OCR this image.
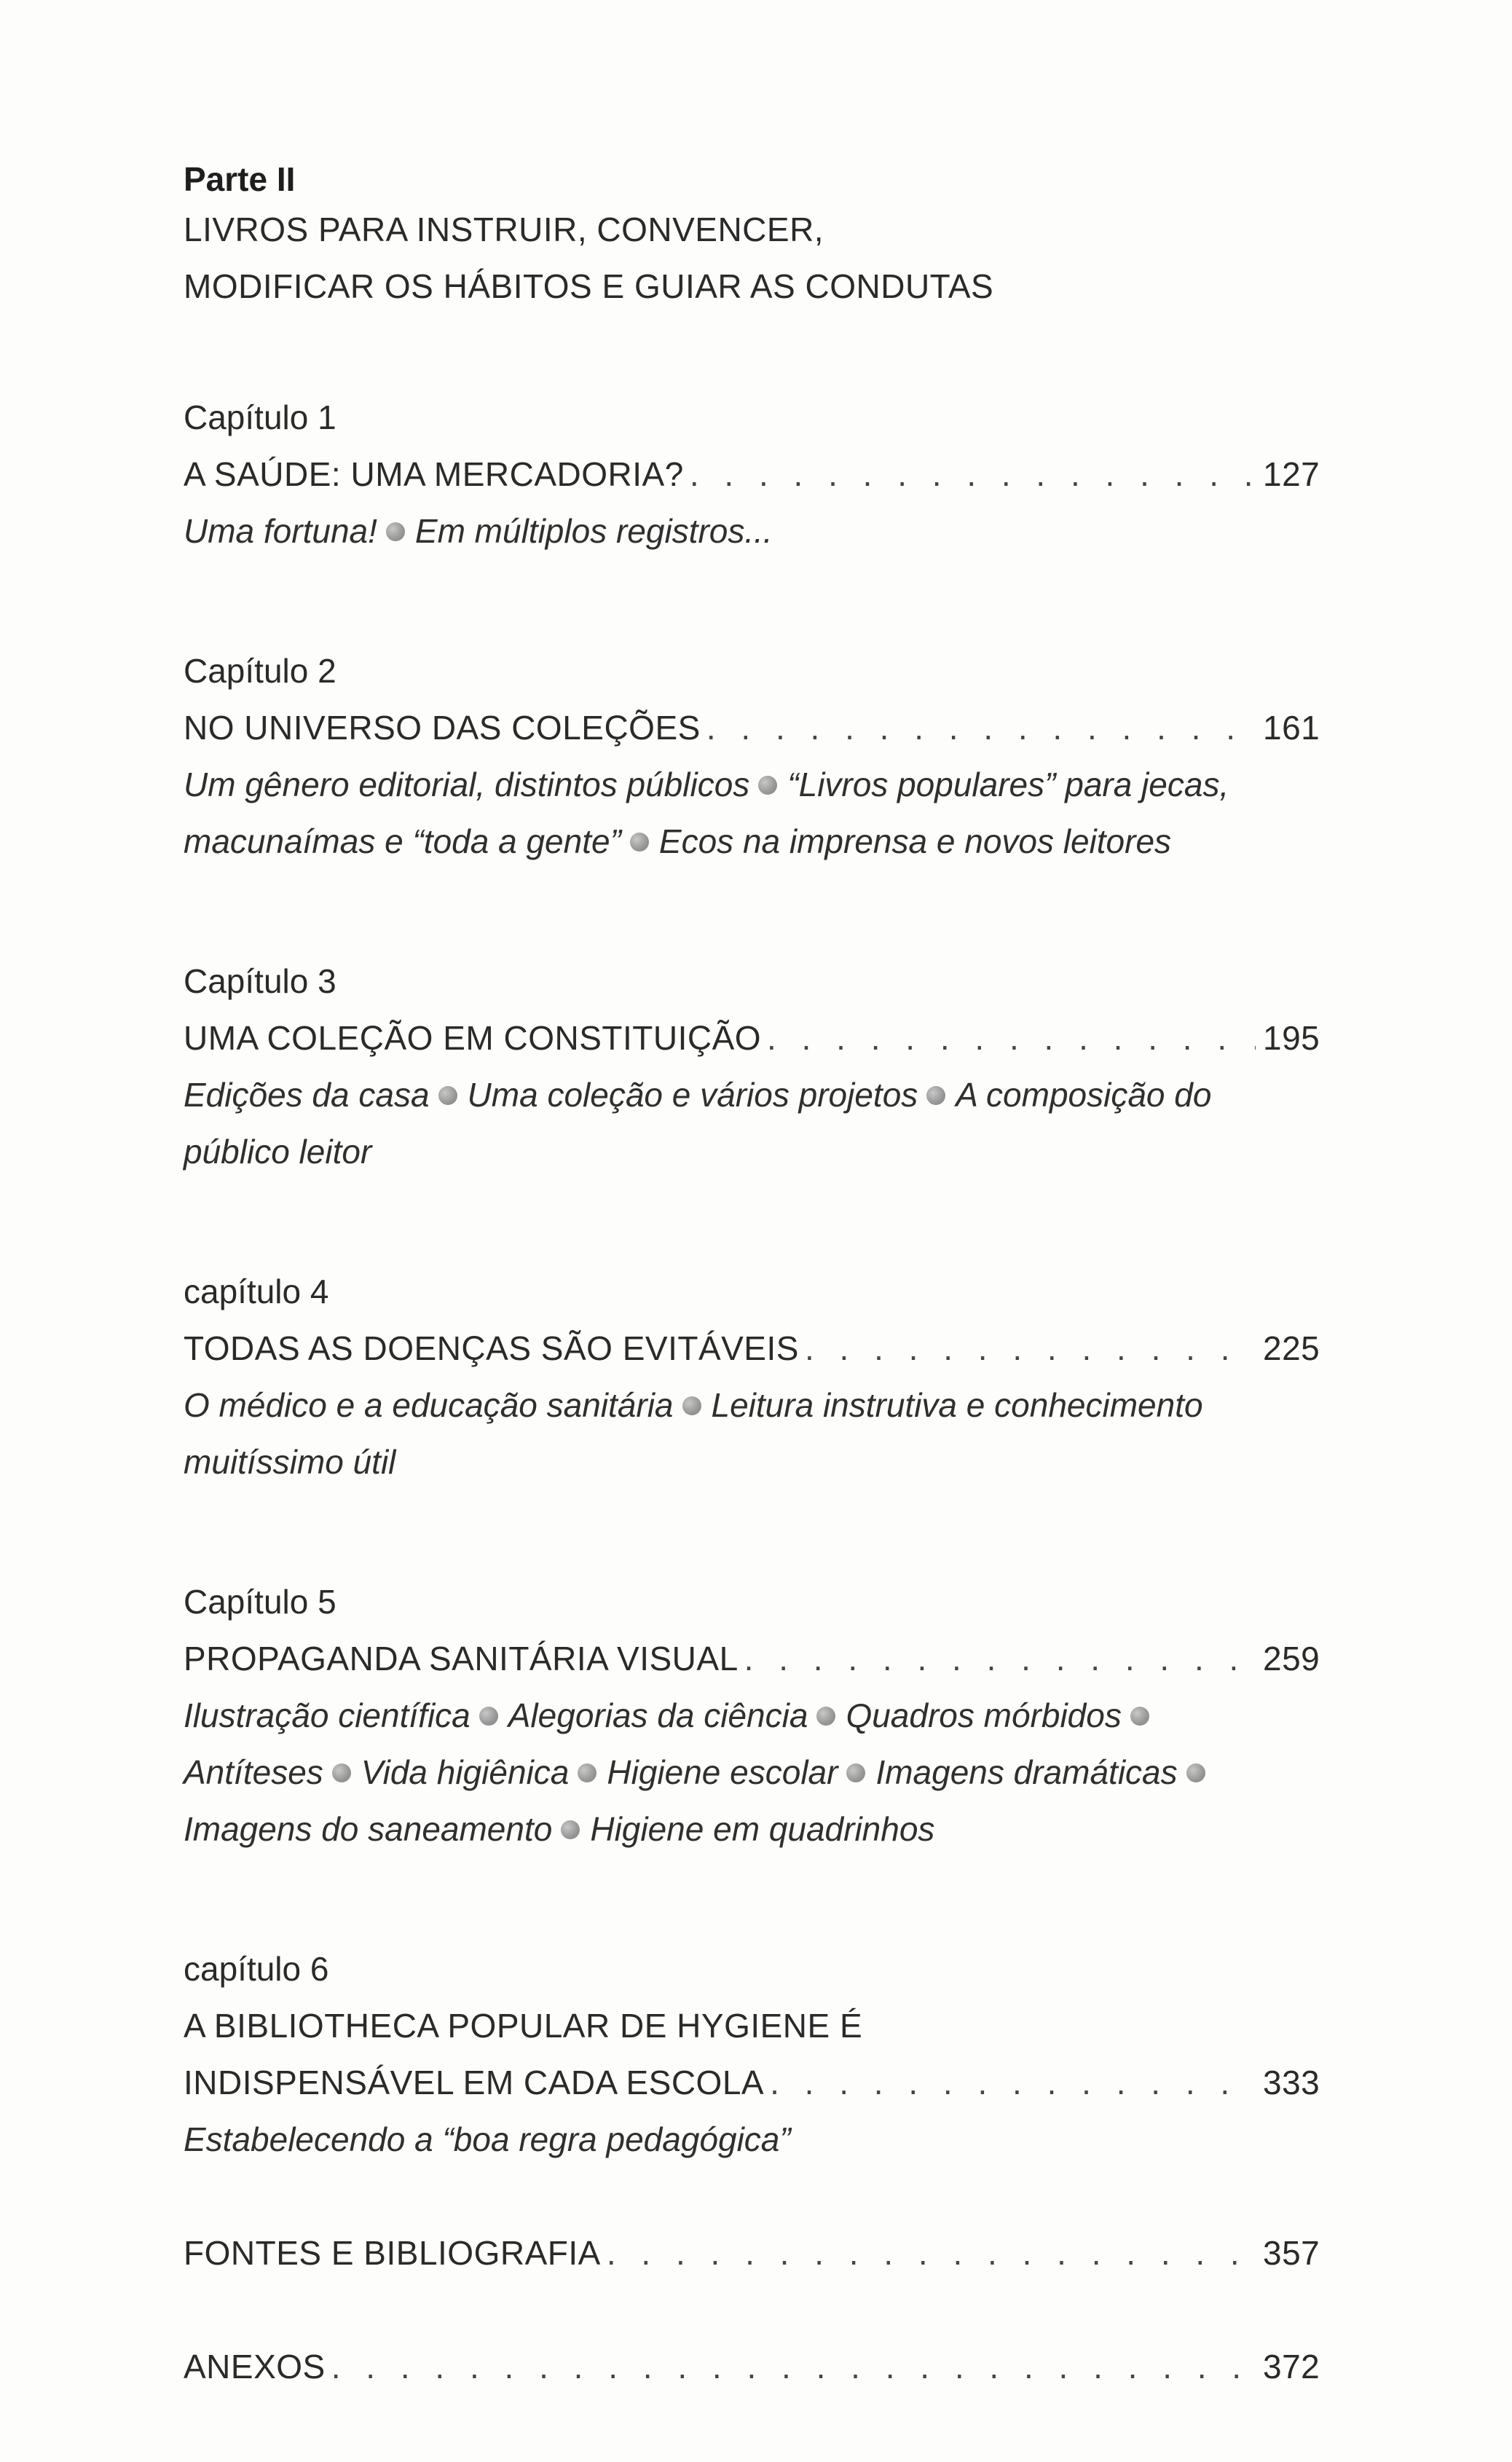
Parte II
LIVROS PARA INSTRUIR, CONVENCER,
MODIFICAR OS HÁBITOS E GUIAR AS CONDUTAS
Capítulo 1
A SAÚDE: UMA MERCADORIA? . . .	127
Uma fortuna! Em múltiplos registros...
Capítulo 2
NO UNIVERSO DAS COLEÇÕES . . .	161
Um gênero editorial, distintos públicos “Livros populares” para jecas, macunaímas e “toda a gente” Ecos na imprensa e novos leitores
Capítulo 3
UMA COLEÇÃO EM CONSTITUIÇÃO . . .	195
Edições da casa Uma coleção e vários projetos A composição do público leitor
capítulo 4
TODAS AS DOENÇAS SÃO EVITÁVEIS . . .	225
O médico e a educação sanitária Leitura instrutiva e conhecimento muitíssimo útil
Capítulo 5
PROPAGANDA SANITÁRIA VISUAL . . .	259
Ilustração científica Alegorias da ciência Quadros mórbidosAntíteses Vida higiênica Higiene escolar Imagens dramáticasImagens do saneamento Higiene em quadrinhos
capítulo 6
A BIBLIOTHECA POPULAR DE HYGIENE É
INDISPENSÁVEL EM CADA ESCOLA . . .	333
Estabelecendo a “boa regra pedagógica”
FONTES E BIBLIOGRAFIA . . .	357
ANEXOS . . .	372
